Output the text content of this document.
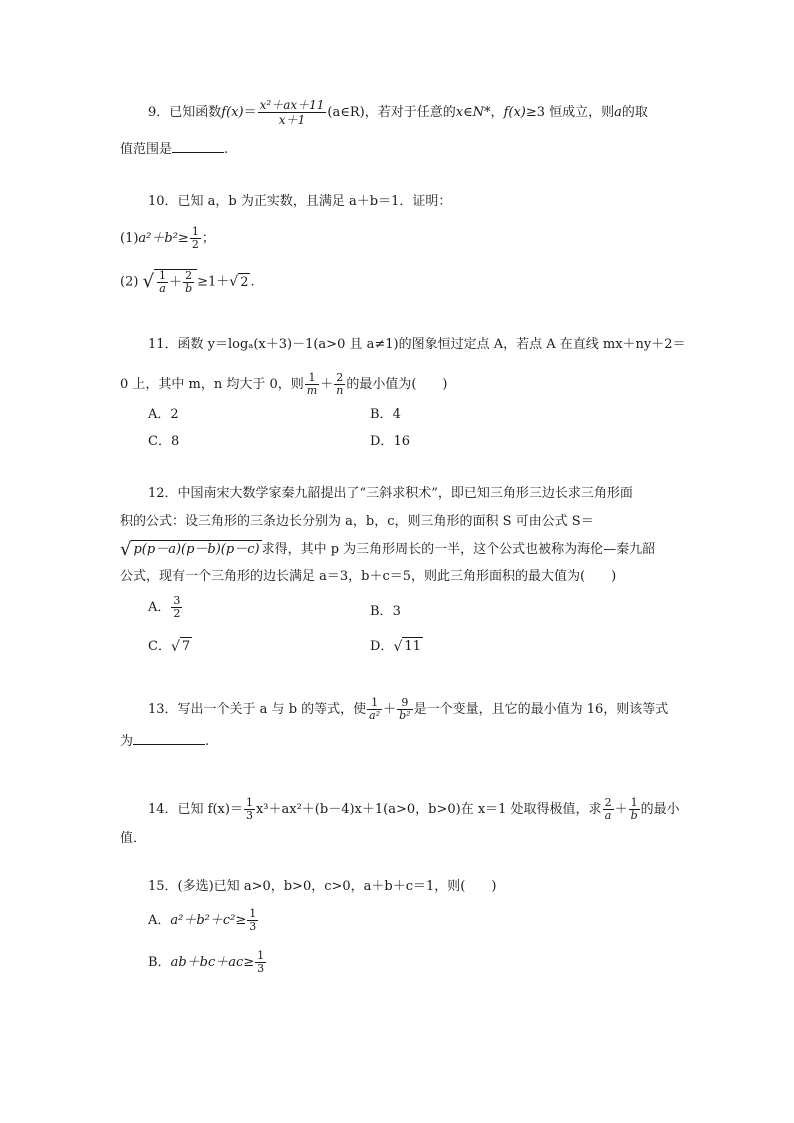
9．已知函数$f(x)= \frac{\text{x²＋ax＋11}}{x+1}$ (a∈R)，若对于任意的x∈N*，f(x)≥3 恒成立，则a的取
值范围是	.
10．已知 a，b 为正实数，且满足 a＋b＝1．证明：
$(1)a^2+b^2\ge \frac{1}{2}$ ；
(2) √ $\frac{1}{a} + \frac{2}{b} \ge 1+√$ 2 .
11．函数 y＝logₐ(x＋3)－1(a>0 且 a≠1)的图象恒过定点 A，若点 A 在直线 mx＋ny＋2＝
0 上，其中 m，n 均大于 0，则 $\frac{1}{m} + \frac{2}{n}$ 的最小值为(　　)
A．2	B．4
C．8	D．16
12．中国南宋大数学家秦九韶提出了“三斜求积术”，即已知三角形三边长求三角形面
积的公式：设三角形的三条边长分别为 a，b，c，则三角形的面积 S 可由公式 S＝
√ p(p－a)(p－b)(p－c) 求得，其中 p 为三角形周长的一半，这个公式也被称为海伦—秦九韶
公式，现有一个三角形的边长满足 a＝3，b＋c＝5，则此三角形面积的最大值为(　　)
A． $\frac{3}{2}$	B．3
C．√ 7	D．√ 11
13．写出一个关于 a 与 b 的等式，使 $\frac{1}{\text{a²}} + \frac{9}{\text{b²}}$ 是一个变量，且它的最小值为 16，则该等式
为	.
14．已知 $f(x)= \frac{1}{3} x^3+ax^2+(b-4)x+1(a>0$，b>0)在 x＝1 处取得极值，求 $\frac{2}{a} + \frac{1}{b}$ 的最小
值．
15．(多选)已知 a>0，b>0，c>0，a＋b＋c＝1，则(　　)
A．$a^2+b^2+c^2\ge \frac{1}{3}$
B．$ab+bc+ac\ge \frac{1}{3}$
